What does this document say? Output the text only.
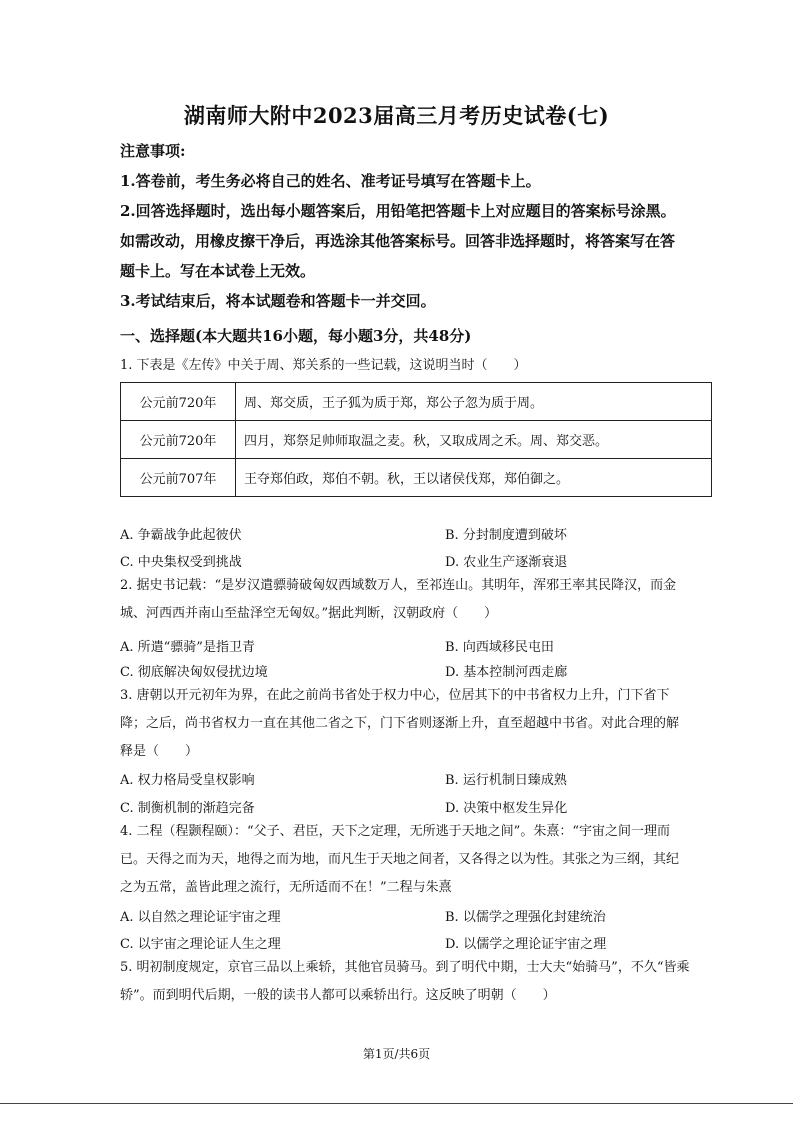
湖南师大附中2023届高三月考历史试卷(七)
注意事项:
1.答卷前，考生务必将自己的姓名、准考证号填写在答题卡上。
2.回答选择题时，选出每小题答案后，用铅笔把答题卡上对应题目的答案标号涂黑。如需改动，用橡皮擦干净后，再选涂其他答案标号。回答非选择题时，将答案写在答题卡上。写在本试卷上无效。
3.考试结束后，将本试题卷和答题卡一并交回。
一、选择题(本大题共16小题，每小题3分，共48分)
1. 下表是《左传》中关于周、郑关系的一些记载，这说明当时（　　）
公元前720年	周、郑交质，王子狐为质于郑，郑公子忽为质于周。
公元前720年	四月，郑祭足帅师取温之麦。秋，又取成周之禾。周、郑交恶。
公元前707年	王夺郑伯政，郑伯不朝。秋，王以诸侯伐郑，郑伯御之。
A. 争霸战争此起彼伏	B. 分封制度遭到破坏
C. 中央集权受到挑战	D. 农业生产逐渐衰退
2. 据史书记载：“是岁汉遣骠骑破匈奴西域数万人，至祁连山。其明年，浑邪王率其民降汉，而金城、河西西并南山至盐泽空无匈奴。”据此判断，汉朝政府（　　）
A. 所遣“骠骑”是指卫青	B. 向西域移民屯田
C. 彻底解决匈奴侵扰边境	D. 基本控制河西走廊
3. 唐朝以开元初年为界，在此之前尚书省处于权力中心，位居其下的中书省权力上升，门下省下降；之后，尚书省权力一直在其他二省之下，门下省则逐渐上升，直至超越中书省。对此合理的解释是（　　）
A. 权力格局受皇权影响	B. 运行机制日臻成熟
C. 制衡机制的渐趋完备	D. 决策中枢发生异化
4. 二程（程颢程颐）：“父子、君臣，天下之定理，无所逃于天地之间”。朱熹：“宇宙之间一理而已。天得之而为天，地得之而为地，而凡生于天地之间者，又各得之以为性。其张之为三纲，其纪之为五常，盖皆此理之流行，无所适而不在！”二程与朱熹
A. 以自然之理论证宇宙之理	B. 以儒学之理强化封建统治
C. 以宇宙之理论证人生之理	D. 以儒学之理论证宇宙之理
5. 明初制度规定，京官三品以上乘轿，其他官员骑马。到了明代中期，士大夫“始骑马”，不久“皆乘轿”。而到明代后期，一般的读书人都可以乘轿出行。这反映了明朝（　　）
第1页/共6页
